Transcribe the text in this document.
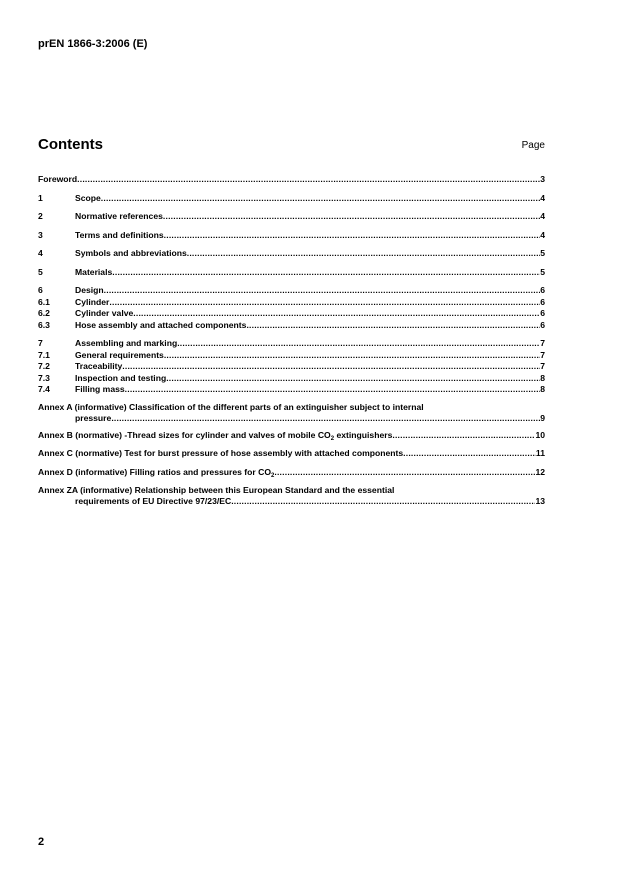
prEN 1866-3:2006 (E)
Contents	Page
Foreword .....	3
1	Scope .....	4
2	Normative references .....	4
3	Terms and definitions .....	4
4	Symbols and abbreviations .....	5
5	Materials .....	5
6	Design .....	6
6.1	Cylinder .....	6
6.2	Cylinder valve .....	6
6.3	Hose assembly and attached components .....	6
7	Assembling and marking .....	7
7.1	General requirements .....	7
7.2	Traceability .....	7
7.3	Inspection and testing .....	8
7.4	Filling mass .....	8
Annex A (informative) Classification of the different parts of an extinguisher subject to internal
pressure .....	9
Annex B (normative) -Thread sizes for cylinder and valves of mobile $CO_2$ extinguishers .....	10
Annex C (normative) Test for burst pressure of hose assembly with attached components .....	11
Annex D (informative) Filling ratios and pressures for $CO_2$ .....	12
Annex ZA (informative) Relationship between this European Standard and the essential
requirements of EU Directive 97/23/EC .....	13
2
